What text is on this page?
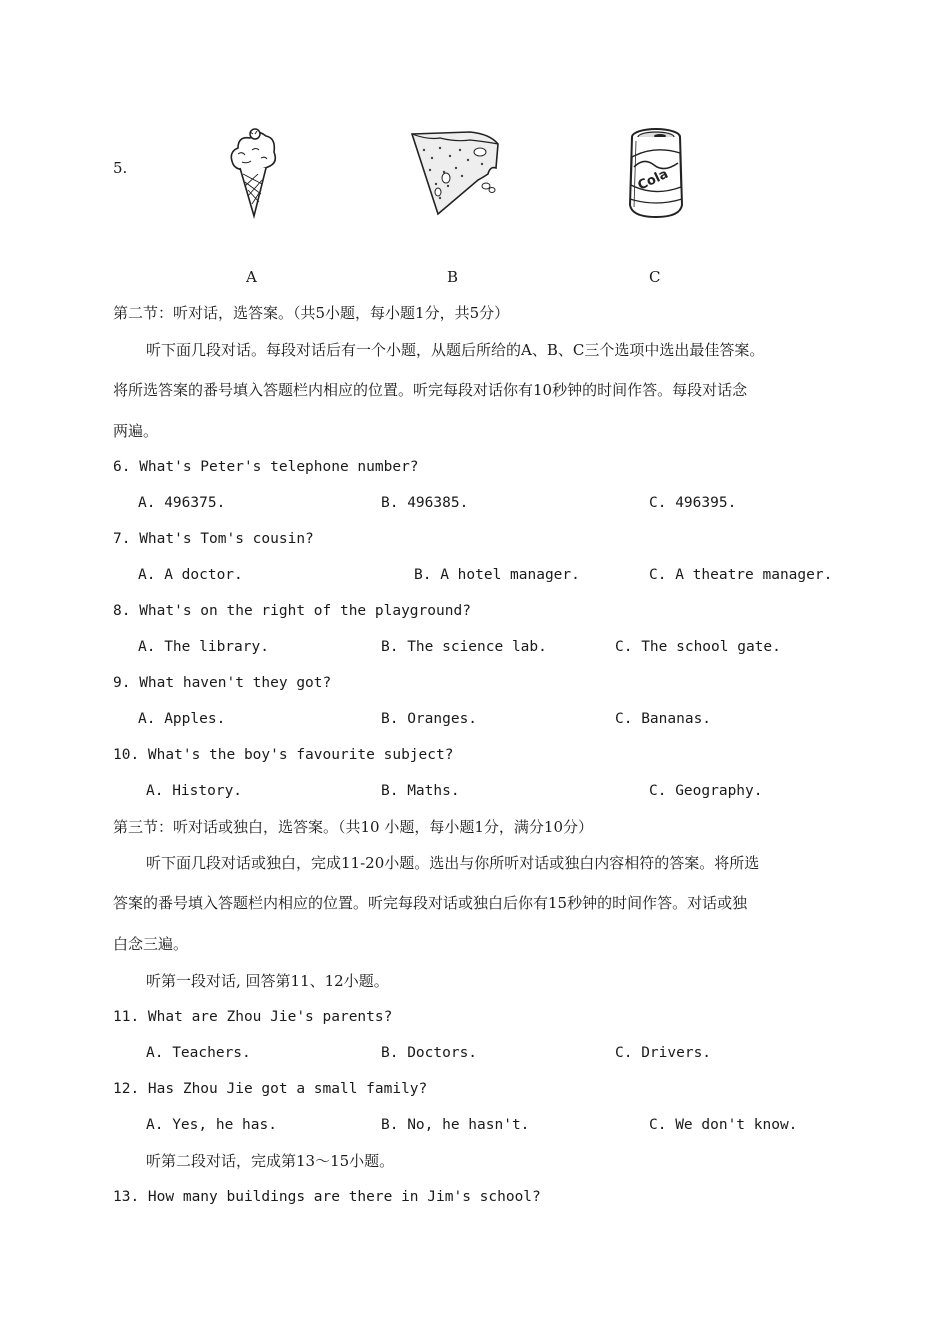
5.	Cola
A	B	C
第二节：听对话，选答案。（共5小题，每小题1分，共5分）
听下面几段对话。每段对话后有一个小题，从题后所给的A、B、C三个选项中选出最佳答案。
将所选答案的番号填入答题栏内相应的位置。听完每段对话你有10秒钟的时间作答。每段对话念
两遍。
6. What's Peter's telephone number?
A. 496375.	B. 496385.	C. 496395.
7. What's Tom's cousin?
A. A doctor.	B. A hotel manager.	C. A theatre manager.
8. What's on the right of the playground?
A. The library.	B. The science lab.	C. The school gate.
9. What haven't they got?
A. Apples.	B. Oranges.	C. Bananas.
10. What's the boy's favourite subject?
A. History.	B. Maths.	C. Geography.
第三节：听对话或独白，选答案。（共10 小题，每小题1分，满分10分）
听下面几段对话或独白，完成11-20小题。选出与你所听对话或独白内容相符的答案。将所选
答案的番号填入答题栏内相应的位置。听完每段对话或独白后你有15秒钟的时间作答。对话或独
白念三遍。
听第一段对话, 回答第11、12小题。
11. What are Zhou Jie's parents?
A. Teachers.	B. Doctors.	C. Drivers.
12. Has Zhou Jie got a small family?
A. Yes, he has.	B. No, he hasn't.	C. We don't know.
听第二段对话，完成第13～15小题。
13. How many buildings are there in Jim's school?
